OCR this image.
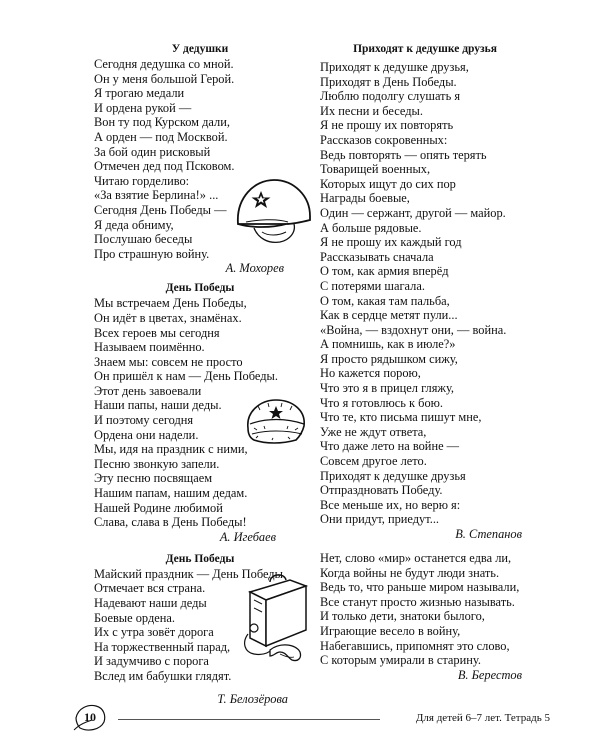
У дедушки
Сегодня дедушка со мной.
Он у меня большой Герой.
Я трогаю медали
И ордена рукой —
Вон ту под Курском дали,
А орден — под Москвой.
За бой один рисковый
Отмечен дед под Псковом.
Читаю горделиво:
«За взятие Берлина!» ...
Сегодня День Победы —
Я деда обниму,
Послушаю беседы
Про страшную войну.
А. Мохорев
День Победы
Мы встречаем День Победы,
Он идёт в цветах, знамёнах.
Всех героев мы сегодня
Называем поимённо.
Знаем мы: совсем не просто
Он пришёл к нам — День Победы.
Этот день завоевали
Наши папы, наши деды.
И поэтому сегодня
Ордена они надели.
Мы, идя на праздник с ними,
Песню звонкую запели.
Эту песню посвящаем
Нашим папам, нашим дедам.
Нашей Родине любимой
Слава, слава в День Победы!
А. Игебаев
День Победы
Майский праздник — День Победы.
Отмечает вся страна.
Надевают наши деды
Боевые ордена.
Их с утра зовёт дорога
На торжественный парад,
И задумчиво с порога
Вслед им бабушки глядят.
Т. Белозёрова
Приходят к дедушке друзья
Приходят к дедушке друзья,
Приходят в День Победы.
Люблю подолгу слушать я
Их песни и беседы.
Я не прошу их повторять
Рассказов сокровенных:
Ведь повторять — опять терять
Товарищей военных,
Которых ищут до сих пор
Награды боевые,
Один — сержант, другой — майор.
А больше рядовые.
Я не прошу их каждый год
Рассказывать сначала
О том, как армия вперёд
С потерями шагала.
О том, какая там пальба,
Как в сердце метят пули...
«Война, — вздохнут они, — война.
А помнишь, как в июле?»
Я просто рядышком сижу,
Но кажется порою,
Что это я в прицел гляжу,
Что я готовлюсь к бою.
Что те, кто письма пишут мне,
Уже не ждут ответа,
Что даже лето на войне —
Совсем другое лето.
Приходят к дедушке друзья
Отпраздновать Победу.
Все меньше их, но верю я:
Они придут, приедут...
В. Степанов
Нет, слово «мир» останется едва ли,
Когда войны не будут люди знать.
Ведь то, что раньше миром называли,
Все станут просто жизнью называть.
И только дети, знатоки былого,
Играющие весело в войну,
Набегавшись, припомнят это слово,
С которым умирали в старину.
В. Берестов
10	Для детей 6–7 лет. Тетрадь 5
